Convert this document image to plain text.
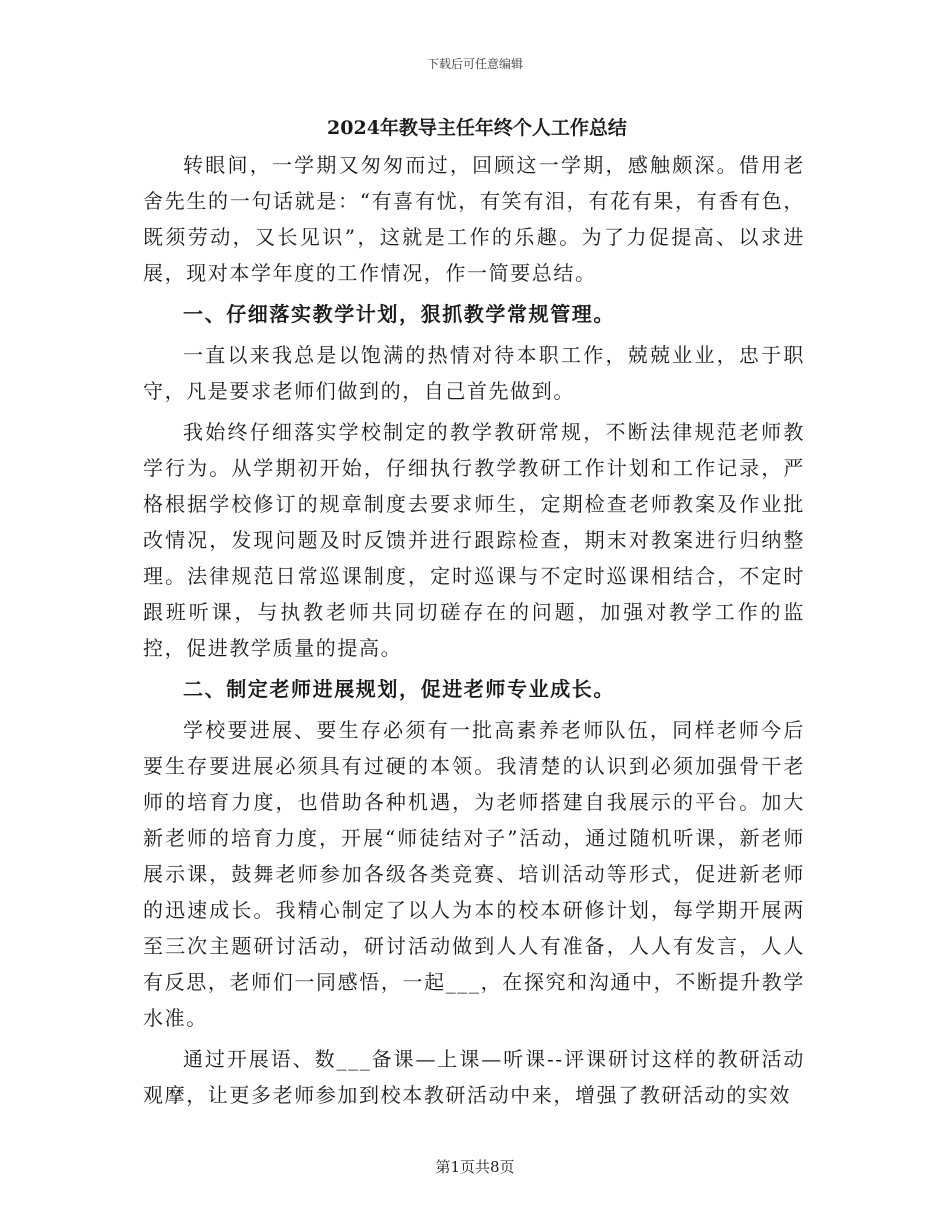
下载后可任意编辑

2024年教导主任年终个人工作总结

转眼间，一学期又匆匆而过，回顾这一学期，感触颇深。借用老舍先生的一句话就是：“有喜有忧，有笑有泪，有花有果，有香有色，既须劳动，又长见识”，这就是工作的乐趣。为了力促提高、以求进展，现对本学年度的工作情况，作一简要总结。

一、仔细落实教学计划，狠抓教学常规管理。

一直以来我总是以饱满的热情对待本职工作，兢兢业业，忠于职守，凡是要求老师们做到的，自己首先做到。

我始终仔细落实学校制定的教学教研常规，不断法律规范老师教学行为。从学期初开始，仔细执行教学教研工作计划和工作记录，严格根据学校修订的规章制度去要求师生，定期检查老师教案及作业批改情况，发现问题及时反馈并进行跟踪检查，期末对教案进行归纳整理。法律规范日常巡课制度，定时巡课与不定时巡课相结合，不定时跟班听课，与执教老师共同切磋存在的问题，加强对教学工作的监控，促进教学质量的提高。

二、制定老师进展规划，促进老师专业成长。

学校要进展、要生存必须有一批高素养老师队伍，同样老师今后要生存要进展必须具有过硬的本领。我清楚的认识到必须加强骨干老师的培育力度，也借助各种机遇，为老师搭建自我展示的平台。加大新老师的培育力度，开展“师徒结对子”活动，通过随机听课，新老师展示课，鼓舞老师参加各级各类竞赛、培训活动等形式，促进新老师的迅速成长。我精心制定了以人为本的校本研修计划，每学期开展两至三次主题研讨活动，研讨活动做到人人有准备，人人有发言，人人有反思，老师们一同感悟，一起___，在探究和沟通中，不断提升教学水准。

通过开展语、数___备课—上课—听课--评课研讨这样的教研活动观摩，让更多老师参加到校本教研活动中来，增强了教研活动的实效

第1页共8页
